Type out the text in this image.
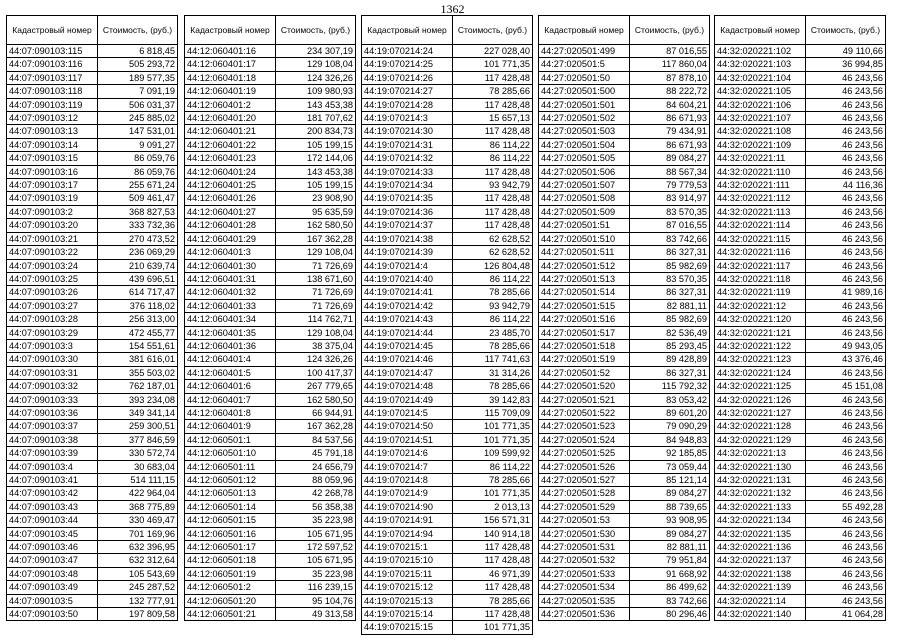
1362
Кадастровый номер	Стоимость, (руб.)
44:07:090103:115	6 818,45
44:07:090103:116	505 293,72
44:07:090103:117	189 577,35
44:07:090103:118	7 091,19
44:07:090103:119	506 031,37
44:07:090103:12	245 885,02
44:07:090103:13	147 531,01
44:07:090103:14	9 091,27
44:07:090103:15	86 059,76
44:07:090103:16	86 059,76
44:07:090103:17	255 671,24
44:07:090103:19	509 461,47
44:07:090103:2	368 827,53
44:07:090103:20	333 732,36
44:07:090103:21	270 473,52
44:07:090103:22	236 069,29
44:07:090103:24	210 639,74
44:07:090103:25	439 696,51
44:07:090103:26	614 717,47
44:07:090103:27	376 118,02
44:07:090103:28	256 313,00
44:07:090103:29	472 455,77
44:07:090103:3	154 551,61
44:07:090103:30	381 616,01
44:07:090103:31	355 503,02
44:07:090103:32	762 187,01
44:07:090103:33	393 234,08
44:07:090103:36	349 341,14
44:07:090103:37	259 300,51
44:07:090103:38	377 846,59
44:07:090103:39	330 572,74
44:07:090103:4	30 683,04
44:07:090103:41	514 111,15
44:07:090103:42	422 964,04
44:07:090103:43	368 775,89
44:07:090103:44	330 469,47
44:07:090103:45	701 169,96
44:07:090103:46	632 396,95
44:07:090103:47	632 312,64
44:07:090103:48	105 543,69
44:07:090103:49	245 287,52
44:07:090103:5	132 777,91
44:07:090103:50	197 809,58
Кадастровый номер	Стоимость, (руб.)
44:12:060401:16	234 307,19
44:12:060401:17	129 108,04
44:12:060401:18	124 326,26
44:12:060401:19	109 980,93
44:12:060401:2	143 453,38
44:12:060401:20	181 707,62
44:12:060401:21	200 834,73
44:12:060401:22	105 199,15
44:12:060401:23	172 144,06
44:12:060401:24	143 453,38
44:12:060401:25	105 199,15
44:12:060401:26	23 908,90
44:12:060401:27	95 635,59
44:12:060401:28	162 580,50
44:12:060401:29	167 362,28
44:12:060401:3	129 108,04
44:12:060401:30	71 726,69
44:12:060401:31	138 671,60
44:12:060401:32	71 726,69
44:12:060401:33	71 726,69
44:12:060401:34	114 762,71
44:12:060401:35	129 108,04
44:12:060401:36	38 375,04
44:12:060401:4	124 326,26
44:12:060401:5	100 417,37
44:12:060401:6	267 779,65
44:12:060401:7	162 580,50
44:12:060401:8	66 944,91
44:12:060401:9	167 362,28
44:12:060501:1	84 537,56
44:12:060501:10	45 791,18
44:12:060501:11	24 656,79
44:12:060501:12	88 059,96
44:12:060501:13	42 268,78
44:12:060501:14	56 358,38
44:12:060501:15	35 223,98
44:12:060501:16	105 671,95
44:12:060501:17	172 597,52
44:12:060501:18	105 671,95
44:12:060501:19	35 223,98
44:12:060501:2	116 239,15
44:12:060501:20	95 104,76
44:12:060501:21	49 313,58
Кадастровый номер	Стоимость, (руб.)
44:19:070214:24	227 028,40
44:19:070214:25	101 771,35
44:19:070214:26	117 428,48
44:19:070214:27	78 285,66
44:19:070214:28	117 428,48
44:19:070214:3	15 657,13
44:19:070214:30	117 428,48
44:19:070214:31	86 114,22
44:19:070214:32	86 114,22
44:19:070214:33	117 428,48
44:19:070214:34	93 942,79
44:19:070214:35	117 428,48
44:19:070214:36	117 428,48
44:19:070214:37	117 428,48
44:19:070214:38	62 628,52
44:19:070214:39	62 628,52
44:19:070214:4	126 804,48
44:19:070214:40	86 114,22
44:19:070214:41	78 285,66
44:19:070214:42	93 942,79
44:19:070214:43	86 114,22
44:19:070214:44	23 485,70
44:19:070214:45	78 285,66
44:19:070214:46	117 741,63
44:19:070214:47	31 314,26
44:19:070214:48	78 285,66
44:19:070214:49	39 142,83
44:19:070214:5	115 709,09
44:19:070214:50	101 771,35
44:19:070214:51	101 771,35
44:19:070214:6	109 599,92
44:19:070214:7	86 114,22
44:19:070214:8	78 285,66
44:19:070214:9	101 771,35
44:19:070214:90	2 013,13
44:19:070214:91	156 571,31
44:19:070214:94	140 914,18
44:19:070215:1	117 428,48
44:19:070215:10	117 428,48
44:19:070215:11	46 971,39
44:19:070215:12	117 428,48
44:19:070215:13	78 285,66
44:19:070215:14	117 428,48
44:19:070215:15	101 771,35
Кадастровый номер	Стоимость, (руб.)
44:27:020501:499	87 016,55
44:27:020501:5	117 860,04
44:27:020501:50	87 878,10
44:27:020501:500	88 222,72
44:27:020501:501	84 604,21
44:27:020501:502	86 671,93
44:27:020501:503	79 434,91
44:27:020501:504	86 671,93
44:27:020501:505	89 084,27
44:27:020501:506	88 567,34
44:27:020501:507	79 779,53
44:27:020501:508	83 914,97
44:27:020501:509	83 570,35
44:27:020501:51	87 016,55
44:27:020501:510	83 742,66
44:27:020501:511	86 327,31
44:27:020501:512	85 982,69
44:27:020501:513	83 570,35
44:27:020501:514	86 327,31
44:27:020501:515	82 881,11
44:27:020501:516	85 982,69
44:27:020501:517	82 536,49
44:27:020501:518	85 293,45
44:27:020501:519	89 428,89
44:27:020501:52	86 327,31
44:27:020501:520	115 792,32
44:27:020501:521	83 053,42
44:27:020501:522	89 601,20
44:27:020501:523	79 090,29
44:27:020501:524	84 948,83
44:27:020501:525	92 185,85
44:27:020501:526	73 059,44
44:27:020501:527	85 121,14
44:27:020501:528	89 084,27
44:27:020501:529	88 739,65
44:27:020501:53	93 908,95
44:27:020501:530	89 084,27
44:27:020501:531	82 881,11
44:27:020501:532	79 951,84
44:27:020501:533	91 668,92
44:27:020501:534	86 499,62
44:27:020501:535	83 742,66
44:27:020501:536	80 296,46
Кадастровый номер	Стоимость, (руб.)
44:32:020221:102	49 110,66
44:32:020221:103	36 994,85
44:32:020221:104	46 243,56
44:32:020221:105	46 243,56
44:32:020221:106	46 243,56
44:32:020221:107	46 243,56
44:32:020221:108	46 243,56
44:32:020221:109	46 243,56
44:32:020221:11	46 243,56
44:32:020221:110	46 243,56
44:32:020221:111	44 116,36
44:32:020221:112	46 243,56
44:32:020221:113	46 243,56
44:32:020221:114	46 243,56
44:32:020221:115	46 243,56
44:32:020221:116	46 243,56
44:32:020221:117	46 243,56
44:32:020221:118	46 243,56
44:32:020221:119	41 989,16
44:32:020221:12	46 243,56
44:32:020221:120	46 243,56
44:32:020221:121	46 243,56
44:32:020221:122	49 943,05
44:32:020221:123	43 376,46
44:32:020221:124	46 243,56
44:32:020221:125	45 151,08
44:32:020221:126	46 243,56
44:32:020221:127	46 243,56
44:32:020221:128	46 243,56
44:32:020221:129	46 243,56
44:32:020221:13	46 243,56
44:32:020221:130	46 243,56
44:32:020221:131	46 243,56
44:32:020221:132	46 243,56
44:32:020221:133	55 492,28
44:32:020221:134	46 243,56
44:32:020221:135	46 243,56
44:32:020221:136	46 243,56
44:32:020221:137	46 243,56
44:32:020221:138	46 243,56
44:32:020221:139	46 243,56
44:32:020221:14	46 243,56
44:32:020221:140	41 064,28
